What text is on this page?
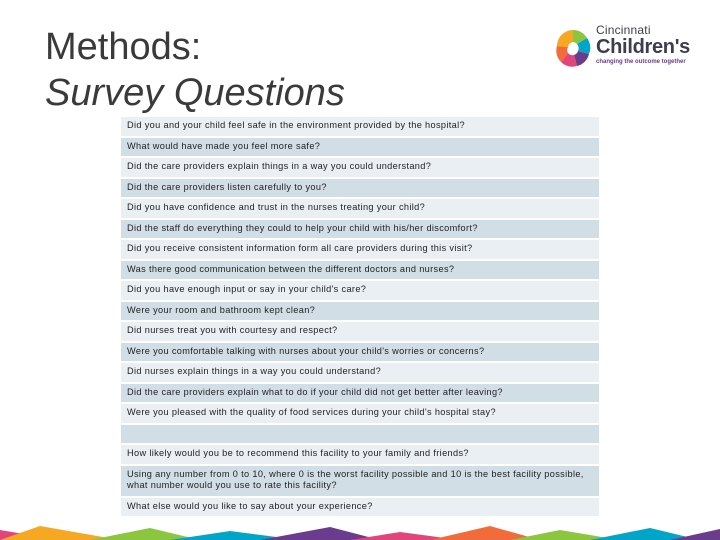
Methods:
Survey Questions
Cincinnati
Children's
changing the outcome together
Did you and your child feel safe in the environment provided by the hospital?
What would have made you feel more safe?
Did the care providers explain things in a way you could understand?
Did the care providers listen carefully to you?
Did you have confidence and trust in the nurses treating your child?
Did the staff do everything they could to help your child with his/her discomfort?
Did you receive consistent information form all care providers during this visit?
Was there good communication between the different doctors and nurses?
Did you have enough input or say in your child's care?
Were your room and bathroom kept clean?
Did nurses treat you with courtesy and respect?
Were you comfortable talking with nurses about your child's worries or concerns?
Did nurses explain things in a way you could understand?
Did the care providers explain what to do if your child did not get better after leaving?
Were you pleased with the quality of food services during your child's hospital stay?
How likely would you be to recommend this facility to your family and friends?
Using any number from 0 to 10, where 0 is the worst facility possible and 10 is the best facility possible, what number would you use to rate this facility?
What else would you like to say about your experience?
